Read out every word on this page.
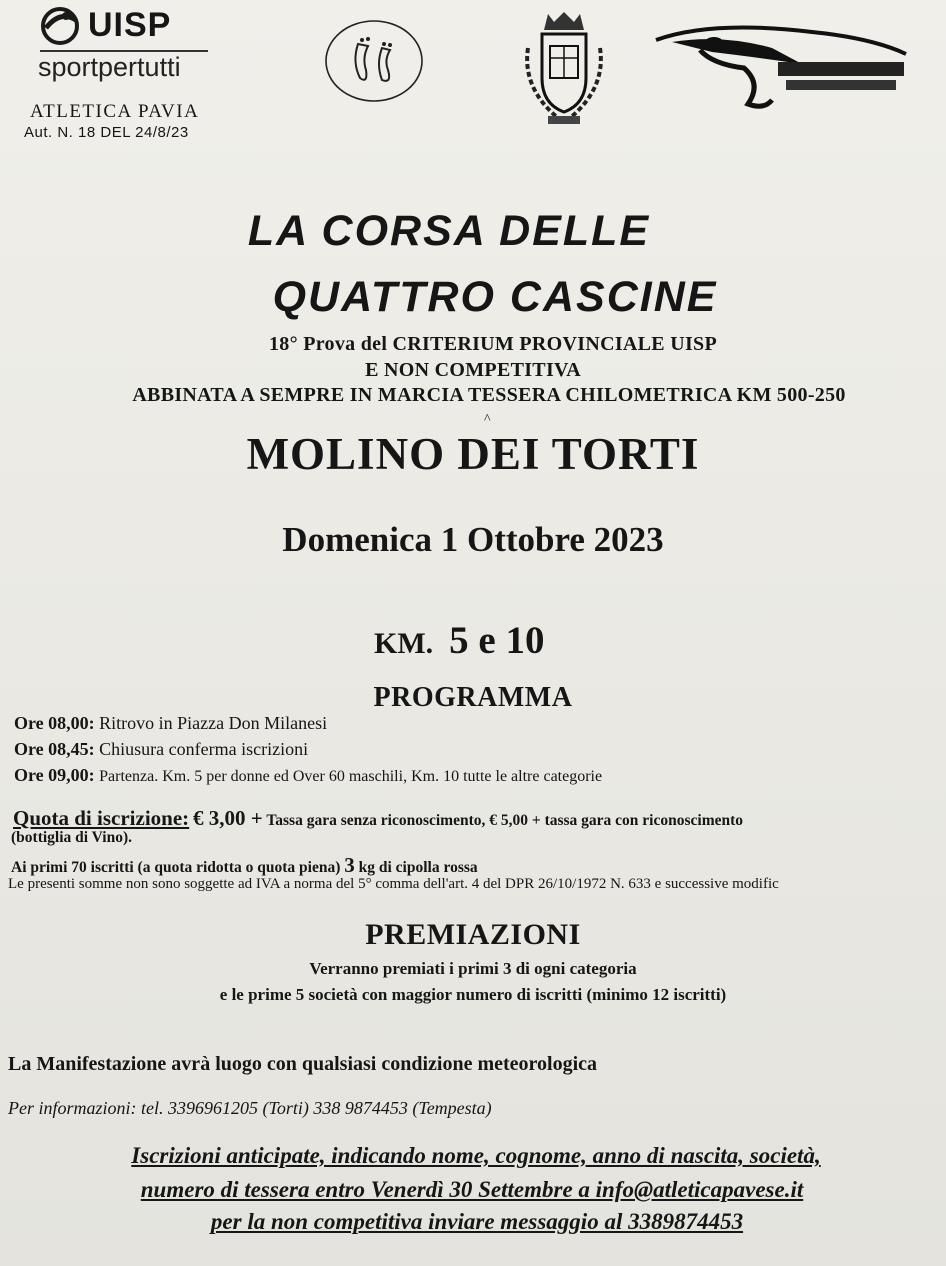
UISP
sportpertutti
ATLETICA PAVIA
Aut. N. 18 DEL 24/8/23
LA CORSA DELLE
QUATTRO CASCINE
18° Prova del CRITERIUM PROVINCIALE UISP
E NON COMPETITIVA
ABBINATA A SEMPRE IN MARCIA TESSERA CHILOMETRICA KM 500-250
^
MOLINO DEI TORTI
Domenica 1 Ottobre 2023
KM. 5 e 10
PROGRAMMA
Ore 08,00: Ritrovo in Piazza Don Milanesi
Ore 08,45: Chiusura conferma iscrizioni
Ore 09,00: Partenza. Km. 5 per donne ed Over 60 maschili, Km. 10 tutte le altre categorie
Quota di iscrizione: € 3,00 + Tassa gara senza riconoscimento, € 5,00 + tassa gara con riconoscimento
(bottiglia di Vino).
Ai primi 70 iscritti (a quota ridotta o quota piena) 3 kg di cipolla rossa
Le presenti somme non sono soggette ad IVA a norma del 5° comma dell'art. 4 del DPR 26/10/1972 N. 633 e successive modific
PREMIAZIONI
Verranno premiati i primi 3 di ogni categoria
e le prime 5 società con maggior numero di iscritti (minimo 12 iscritti)
La Manifestazione avrà luogo con qualsiasi condizione meteorologica
Per informazioni: tel. 3396961205 (Torti) 338 9874453 (Tempesta)
Iscrizioni anticipate, indicando nome, cognome, anno di nascita, società,
numero di tessera entro Venerdì 30 Settembre a info@atleticapavese.it
per la non competitiva inviare messaggio al 3389874453
